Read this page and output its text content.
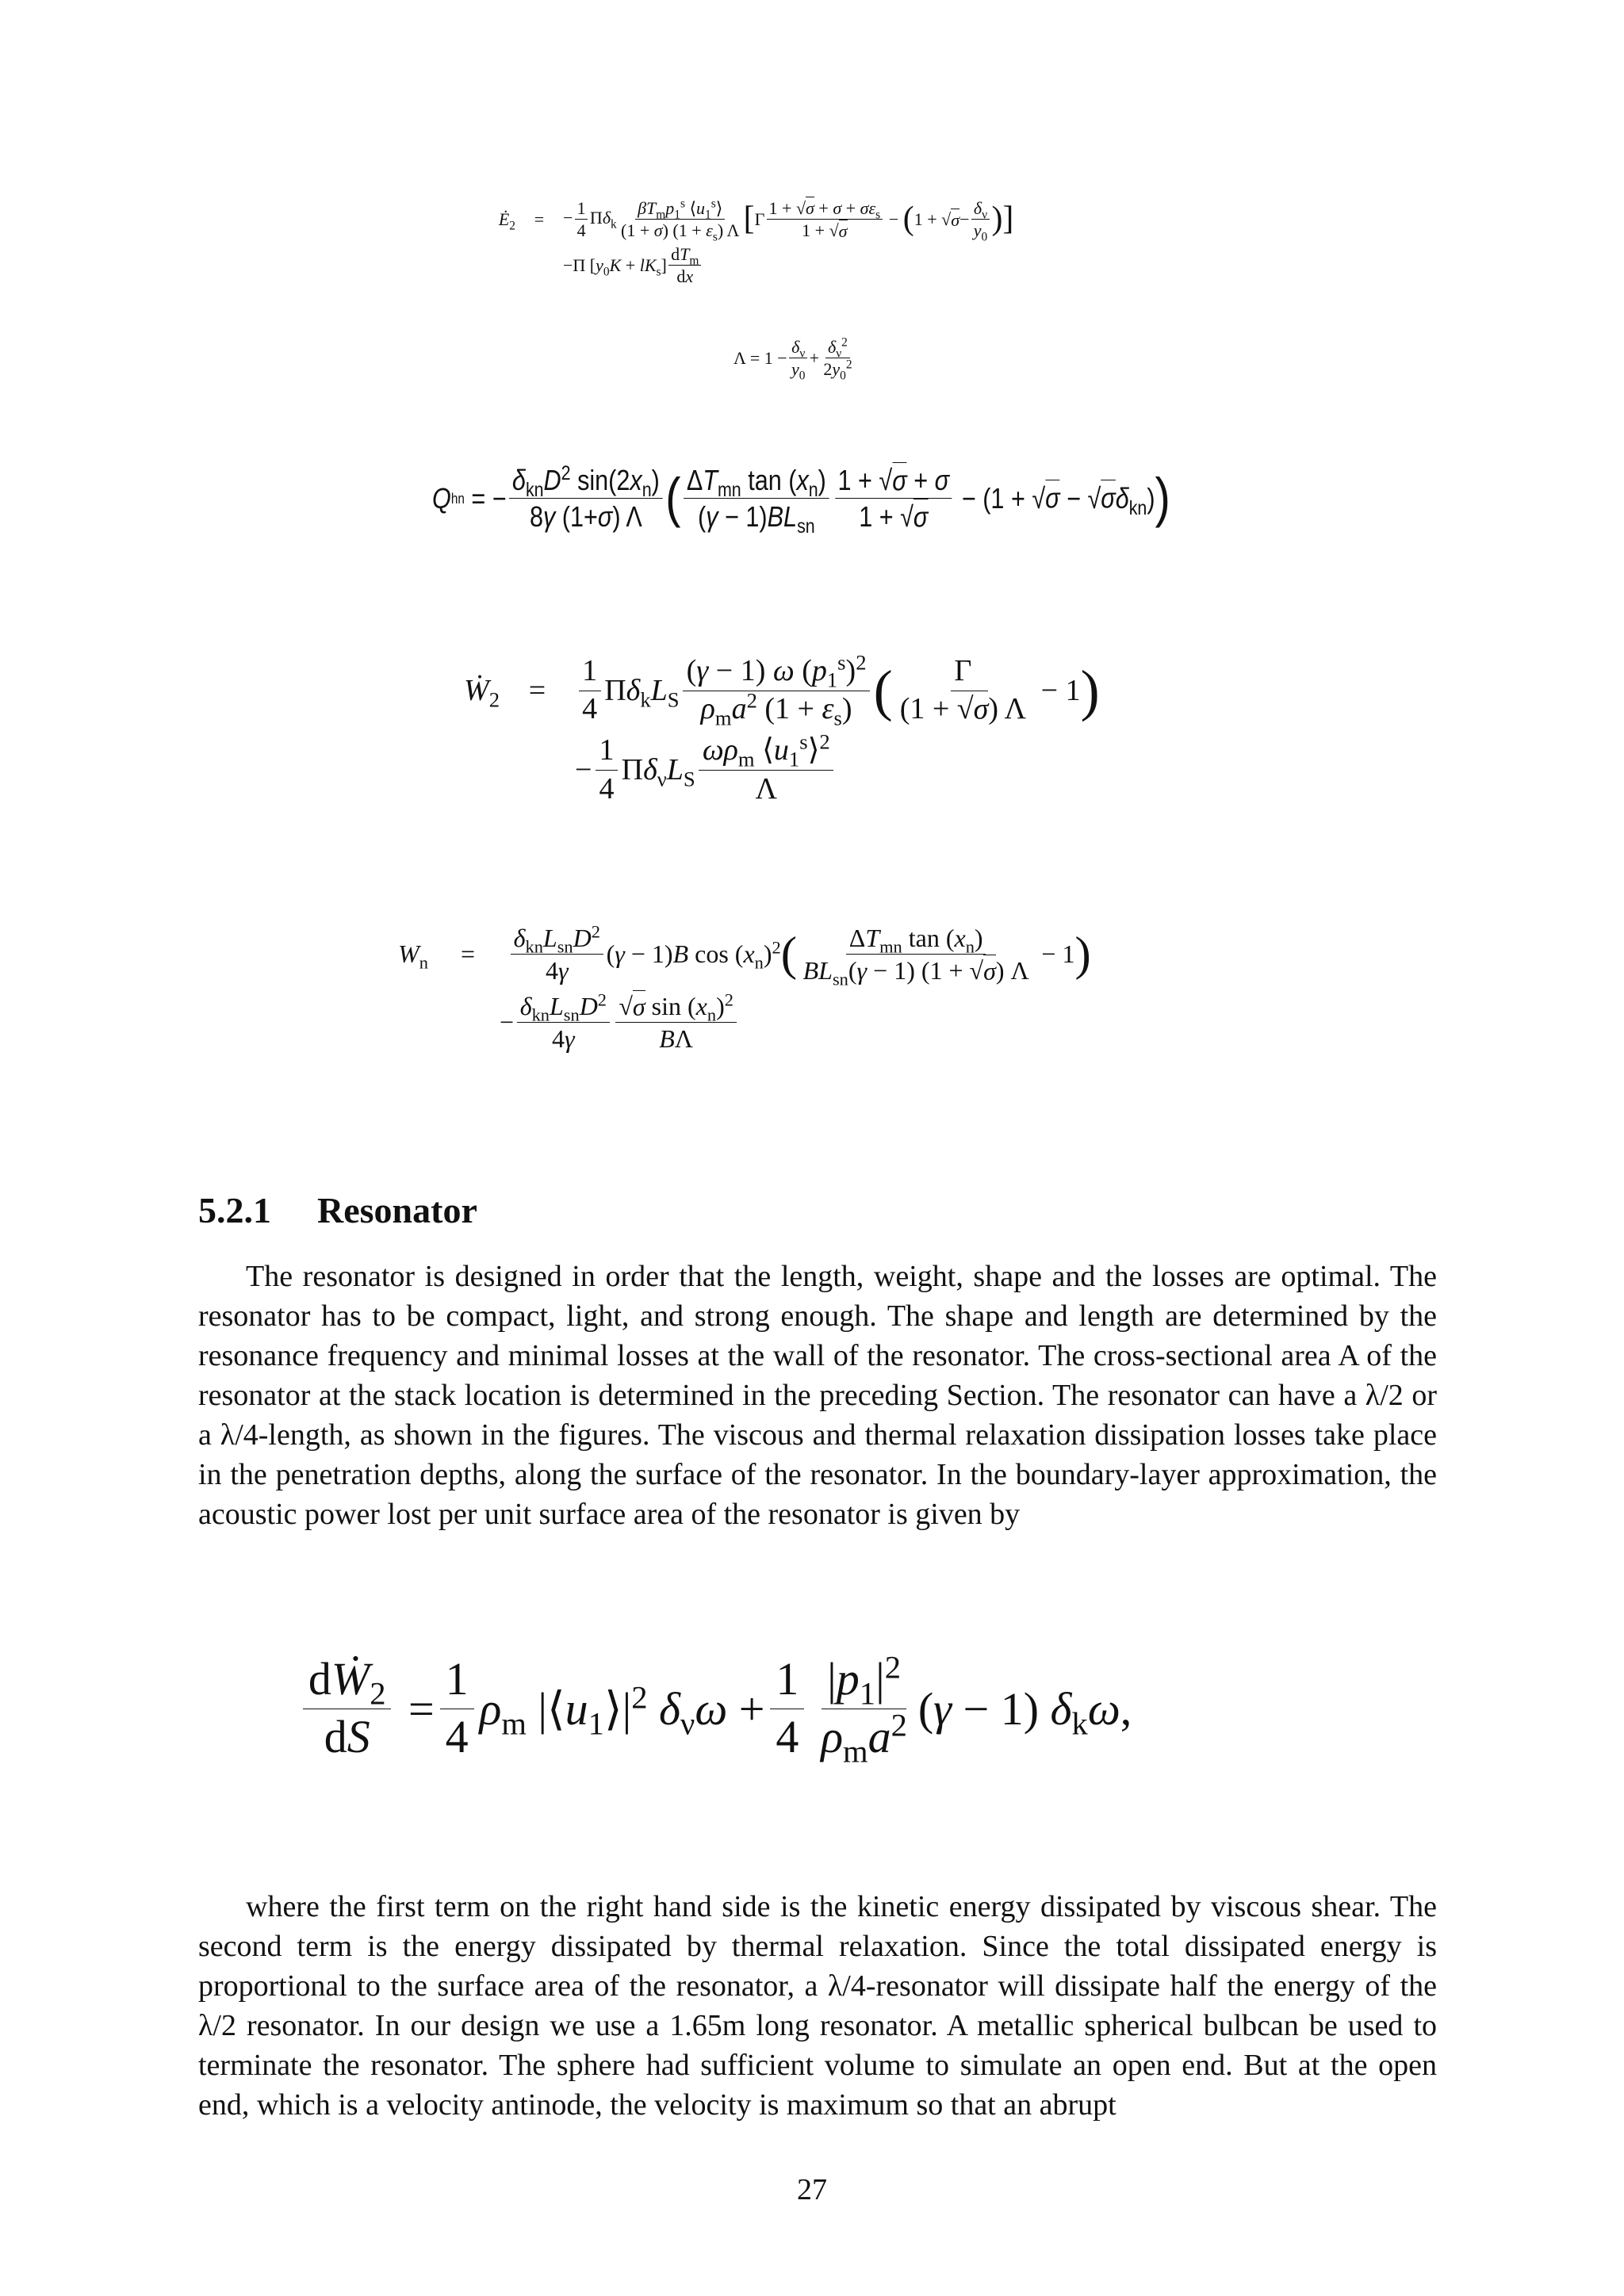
$Ė_2$	=	− $\frac{1}{4} \Pi\delta_k \frac{\beta T_mp_1^s ⟨u_1^s⟩}{(1 + \sigma) (1 + \varepsilon_s) \Lambda}$ [ Γ $\frac{1 + √\sigma + \sigma + \sigma\varepsilon_s}{1 + √\sigma}$ − ( 1 + √ $\sigma - \frac{\delta_\nu}{y_0}$ ) ]
−Π $[y_0K + lK_s] \frac{dT_m}{dx}$
$\Lambda = 1 - \frac{\delta_\nu}{y_0} + \frac{\delta_\nu^2}{2y_0^2}$
Q hn = − $\frac{\delta_{kn}D^2 \sin(2x_n)}{8\gamma (1+\sigma) \Lambda}$ ( $\frac{\Delta T_{mn} \tan (x_n)}{(\gamma - 1)BL_{sn}} \frac{1 + √\sigma + \sigma}{1 + √\sigma} - (1 + √\sigma - √\sigma\delta_{kn})$ )
Ẇ$_2$ =	$\frac{1}{4} \Pi\delta_kL_S \frac{(\gamma - 1) \omega (p_1^s)^2}{\rho_ma^2 (1 + \varepsilon_s)}$ ( $\frac{\Gamma}{(1 + √\sigma) \Lambda} - 1$ )
− $\frac{1}{4} \Pi\delta_\nu L_S \frac{\omega\rho_m ⟨u_1^s⟩^2}{\Lambda}$
$W_n$	=	$\frac{\delta_{kn}L_{sn}D^2}{4\gamma} (\gamma - 1)B$ $\cos (x_n)^2$ ( $\frac{\Delta T_{mn} \tan (x_n)}{BL_{sn}(\gamma - 1) (1 + √\sigma) \Lambda} - 1$ )
− $\frac{\delta_{kn}L_{sn}D^2}{4\gamma} \frac{√\sigma \sin (x_n)^2}{B\Lambda}$
5.2.1 Resonator

The resonator is designed in order that the length, weight, shape and the losses are optimal. The resonator has to be compact, light, and strong enough. The shape and length are determined by the resonance frequency and minimal losses at the wall of the resonator. The cross-sectional area A of the resonator at the stack location is determined in the preceding Section. The resonator can have a λ/2 or a λ/4-length, as shown in the figures. The viscous and thermal relaxation dissipation losses take place in the penetration depths, along the surface of the resonator. In the boundary-layer approximation, the acoustic power lost per unit surface area of the resonator is given by

$\frac{dẆ_2}{dS} = \frac{1}{4} \rho_m$ $|⟨u_1⟩|^2$ $\delta_\nu\omega + \frac{1}{4} \frac{|p_1|^2}{\rho_ma^2} (\gamma - 1)$ $\delta_k\omega$,

where the first term on the right hand side is the kinetic energy dissipated by viscous shear. The second term is the energy dissipated by thermal relaxation. Since the total dissipated energy is proportional to the surface area of the resonator, a λ/4-resonator will dissipate half the energy of the λ/2 resonator. In our design we use a 1.65m long resonator. A metallic spherical bulbcan be used to terminate the resonator. The sphere had sufficient volume to simulate an open end. But at the open end, which is a velocity antinode, the velocity is maximum so that an abrupt

27
